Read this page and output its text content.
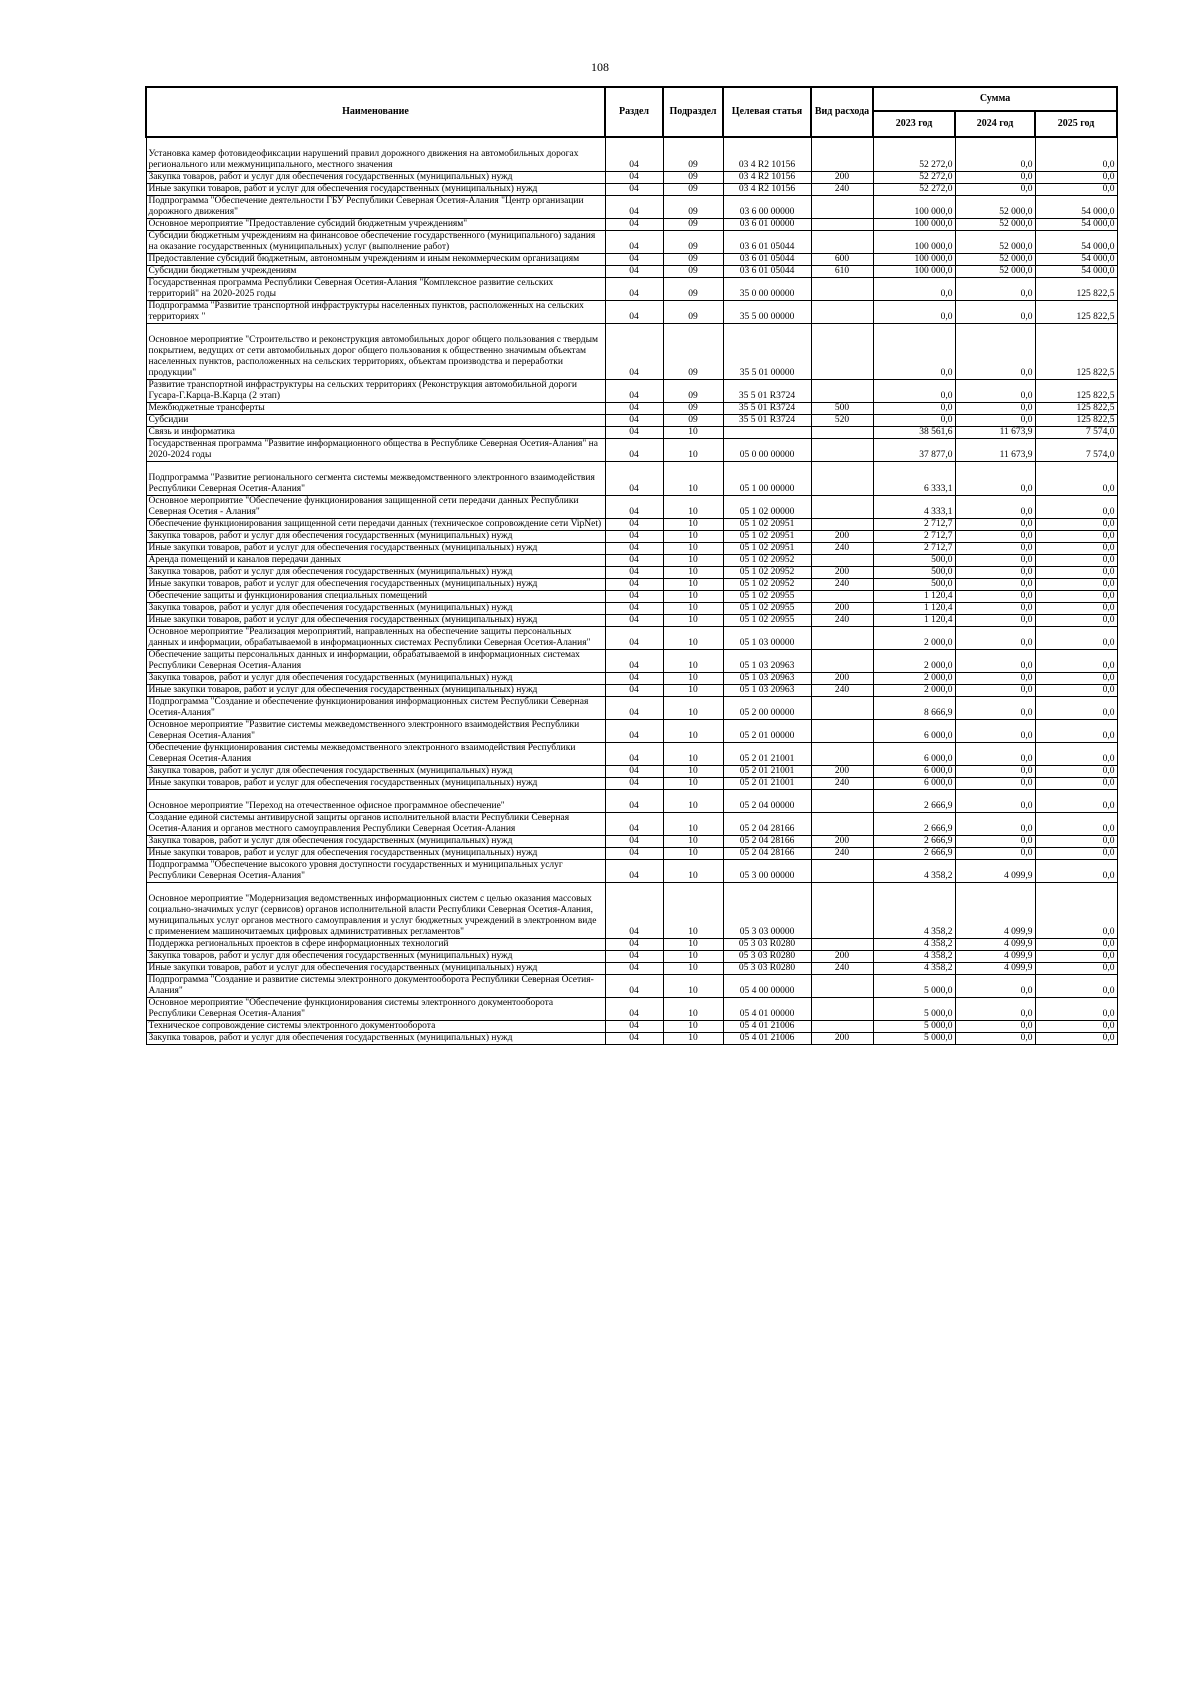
108
Наименование	Раздел	Подраздел	Целевая статья	Вид расхода	Сумма		
					2023 год	2024 год	2025 год
Установка камер фотовидеофиксации нарушений правил дорожного движения на автомобильных дорогах регионального или межмуниципального, местного значения	04	09	03 4 R2 10156		52 272,0	0,0	0,0
Закупка товаров, работ и услуг для обеспечения государственных (муниципальных) нужд	04	09	03 4 R2 10156	200	52 272,0	0,0	0,0
Иные закупки товаров, работ и услуг для обеспечения государственных (муниципальных) нужд	04	09	03 4 R2 10156	240	52 272,0	0,0	0,0
Подпрограмма "Обеспечение деятельности ГБУ Республики Северная Осетия-Алания "Центр организации дорожного движения"	04	09	03 6 00 00000		100 000,0	52 000,0	54 000,0
Основное мероприятие "Предоставление субсидий бюджетным учреждениям"	04	09	03 6 01 00000		100 000,0	52 000,0	54 000,0
Субсидии бюджетным учреждениям на финансовое обеспечение государственного (муниципального) задания на оказание государственных (муниципальных) услуг (выполнение работ)	04	09	03 6 01 05044		100 000,0	52 000,0	54 000,0
Предоставление субсидий бюджетным, автономным учреждениям и иным некоммерческим организациям	04	09	03 6 01 05044	600	100 000,0	52 000,0	54 000,0
Субсидии бюджетным учреждениям	04	09	03 6 01 05044	610	100 000,0	52 000,0	54 000,0
Государственная программа Республики Северная Осетия-Алания "Комплексное развитие сельских территорий" на 2020-2025 годы	04	09	35 0 00 00000		0,0	0,0	125 822,5
Подпрограмма "Развитие транспортной инфраструктуры населенных пунктов, расположенных на сельских территориях "	04	09	35 5 00 00000		0,0	0,0	125 822,5
Основное мероприятие "Строительство и реконструкция автомобильных дорог общего пользования с твердым покрытием, ведущих от сети автомобильных дорог общего пользования к общественно значимым объектам населенных пунктов, расположенных на сельских территориях, объектам производства и переработки продукции"	04	09	35 5 01 00000		0,0	0,0	125 822,5
Развитие транспортной инфраструктуры на сельских территориях (Реконструкция автомобильной дороги Гусара-Г.Карца-В.Карца (2 этап)	04	09	35 5 01 R3724		0,0	0,0	125 822,5
Межбюджетные трансферты	04	09	35 5 01 R3724	500	0,0	0,0	125 822,5
Субсидии	04	09	35 5 01 R3724	520	0,0	0,0	125 822,5
Связь и информатика	04	10			38 561,6	11 673,9	7 574,0
Государственная программа "Развитие информационного общества в Республике Северная Осетия-Алания" на 2020-2024 годы	04	10	05 0 00 00000		37 877,0	11 673,9	7 574,0
Подпрограмма "Развитие регионального сегмента системы межведомственного электронного взаимодействия Республики Северная Осетия-Алания"	04	10	05 1 00 00000		6 333,1	0,0	0,0
Основное мероприятие "Обеспечение функционирования защищенной сети передачи данных Республики Северная Осетия - Алания"	04	10	05 1 02 00000		4 333,1	0,0	0,0
Обеспечение функционирования защищенной сети передачи данных (техническое сопровождение сети VipNet)	04	10	05 1 02 20951		2 712,7	0,0	0,0
Закупка товаров, работ и услуг для обеспечения государственных (муниципальных) нужд	04	10	05 1 02 20951	200	2 712,7	0,0	0,0
Иные закупки товаров, работ и услуг для обеспечения государственных (муниципальных) нужд	04	10	05 1 02 20951	240	2 712,7	0,0	0,0
Аренда помещений и каналов передачи данных	04	10	05 1 02 20952		500,0	0,0	0,0
Закупка товаров, работ и услуг для обеспечения государственных (муниципальных) нужд	04	10	05 1 02 20952	200	500,0	0,0	0,0
Иные закупки товаров, работ и услуг для обеспечения государственных (муниципальных) нужд	04	10	05 1 02 20952	240	500,0	0,0	0,0
Обеспечение защиты и функционирования специальных помещений	04	10	05 1 02 20955		1 120,4	0,0	0,0
Закупка товаров, работ и услуг для обеспечения государственных (муниципальных) нужд	04	10	05 1 02 20955	200	1 120,4	0,0	0,0
Иные закупки товаров, работ и услуг для обеспечения государственных (муниципальных) нужд	04	10	05 1 02 20955	240	1 120,4	0,0	0,0
Основное мероприятие "Реализация мероприятий, направленных на обеспечение защиты персональных данных и информации, обрабатываемой в информационных системах Республики Северная Осетия-Алания"	04	10	05 1 03 00000		2 000,0	0,0	0,0
Обеспечение защиты персональных данных и информации, обрабатываемой в информационных системах Республики Северная Осетия-Алания	04	10	05 1 03 20963		2 000,0	0,0	0,0
Закупка товаров, работ и услуг для обеспечения государственных (муниципальных) нужд	04	10	05 1 03 20963	200	2 000,0	0,0	0,0
Иные закупки товаров, работ и услуг для обеспечения государственных (муниципальных) нужд	04	10	05 1 03 20963	240	2 000,0	0,0	0,0
Подпрограмма "Создание и обеспечение функционирования информационных систем Республики Северная Осетия-Алания"	04	10	05 2 00 00000		8 666,9	0,0	0,0
Основное мероприятие "Развитие системы межведомственного электронного взаимодействия Республики Северная Осетия-Алания"	04	10	05 2 01 00000		6 000,0	0,0	0,0
Обеспечение функционирования системы межведомственного электронного взаимодействия Республики Северная Осетия-Алания	04	10	05 2 01 21001		6 000,0	0,0	0,0
Закупка товаров, работ и услуг для обеспечения государственных (муниципальных) нужд	04	10	05 2 01 21001	200	6 000,0	0,0	0,0
Иные закупки товаров, работ и услуг для обеспечения государственных (муниципальных) нужд	04	10	05 2 01 21001	240	6 000,0	0,0	0,0
Основное мероприятие "Переход на отечественное офисное программное обеспечение"	04	10	05 2 04 00000		2 666,9	0,0	0,0
Создание единой системы антивирусной защиты органов исполнительной власти Республики Северная Осетия-Алания и органов местного самоуправления Республики Северная Осетия-Алания	04	10	05 2 04 28166		2 666,9	0,0	0,0
Закупка товаров, работ и услуг для обеспечения государственных (муниципальных) нужд	04	10	05 2 04 28166	200	2 666,9	0,0	0,0
Иные закупки товаров, работ и услуг для обеспечения государственных (муниципальных) нужд	04	10	05 2 04 28166	240	2 666,9	0,0	0,0
Подпрограмма "Обеспечение высокого уровня доступности государственных и муниципальных услуг Республики Северная Осетия-Алания"	04	10	05 3 00 00000		4 358,2	4 099,9	0,0
Основное мероприятие "Модернизация ведомственных информационных систем с целью оказания массовых социально-значимых услуг (сервисов) органов исполнительной власти Республики Северная Осетия-Алания, муниципальных услуг органов местного самоуправления и услуг бюджетных учреждений в электронном виде с применением машиночитаемых цифровых административных регламентов"	04	10	05 3 03 00000		4 358,2	4 099,9	0,0
Поддержка региональных проектов в сфере информационных технологий	04	10	05 3 03 R0280		4 358,2	4 099,9	0,0
Закупка товаров, работ и услуг для обеспечения государственных (муниципальных) нужд	04	10	05 3 03 R0280	200	4 358,2	4 099,9	0,0
Иные закупки товаров, работ и услуг для обеспечения государственных (муниципальных) нужд	04	10	05 3 03 R0280	240	4 358,2	4 099,9	0,0
Подпрограмма "Создание и развитие системы электронного документооборота Республики Северная Осетия-Алания"	04	10	05 4 00 00000		5 000,0	0,0	0,0
Основное мероприятие "Обеспечение функционирования системы электронного документооборота Республики Северная Осетия-Алания"	04	10	05 4 01 00000		5 000,0	0,0	0,0
Техническое сопровождение системы электронного документооборота	04	10	05 4 01 21006		5 000,0	0,0	0,0
Закупка товаров, работ и услуг для обеспечения государственных (муниципальных) нужд	04	10	05 4 01 21006	200	5 000,0	0,0	0,0
